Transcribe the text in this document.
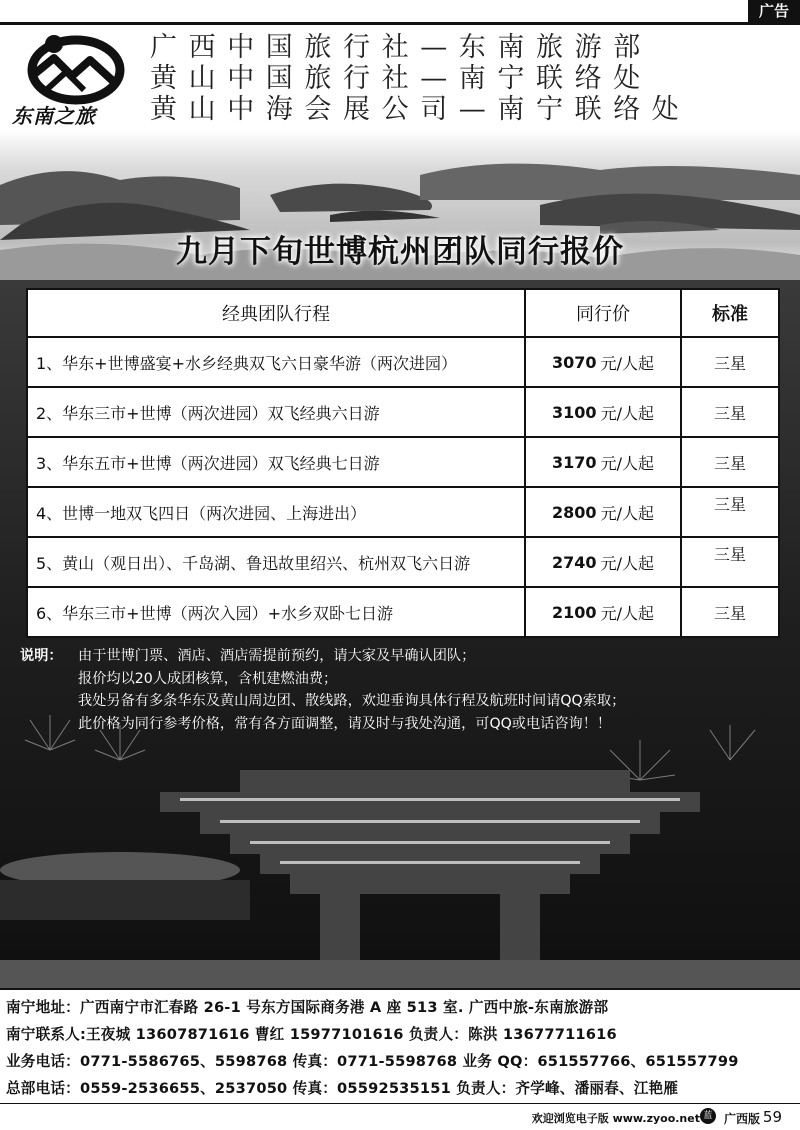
广告
东南之旅
广西中国旅行社—东南旅游部
黄山中国旅行社—南宁联络处
黄山中海会展公司—南宁联络处
九月下旬世博杭州团队同行报价
经典团队行程	同行价	标准
1、华东+世博盛宴+水乡经典双飞六日豪华游（两次进园）	3070 元/人起	三星
2、华东三市+世博（两次进园）双飞经典六日游	3100 元/人起	三星
3、华东五市+世博（两次进园）双飞经典七日游	3170 元/人起	三星
4、世博一地双飞四日（两次进园、上海进出）	2800 元/人起	三星
5、黄山（观日出）、千岛湖、鲁迅故里绍兴、杭州双飞六日游	2740 元/人起	三星
6、华东三市+世博（两次入园）+水乡双卧七日游	2100 元/人起	三星
说明： 由于世博门票、酒店、酒店需提前预约，请大家及早确认团队；
报价均以20人成团核算，含机建燃油费；
我处另备有多条华东及黄山周边团、散线路，欢迎垂询具体行程及航班时间请QQ索取；
此价格为同行参考价格，常有各方面调整，请及时与我处沟通，可QQ或电话咨询！！
南宁地址：广西南宁市汇春路 26-1 号东方国际商务港 A 座 513 室. 广西中旅-东南旅游部
南宁联系人:王夜城 13607871616 曹红 15977101616 负责人：陈洪 13677711616
业务电话：0771-5586765、5598768 传真：0771-5598768 业务 QQ：651557766、651557799
总部电话：0559-2536655、2537050 传真：05592535151 负责人：齐学峰、潘丽春、江艳雁
欢迎浏览电子版 www.zyoo.net 蓝 广西版 59
